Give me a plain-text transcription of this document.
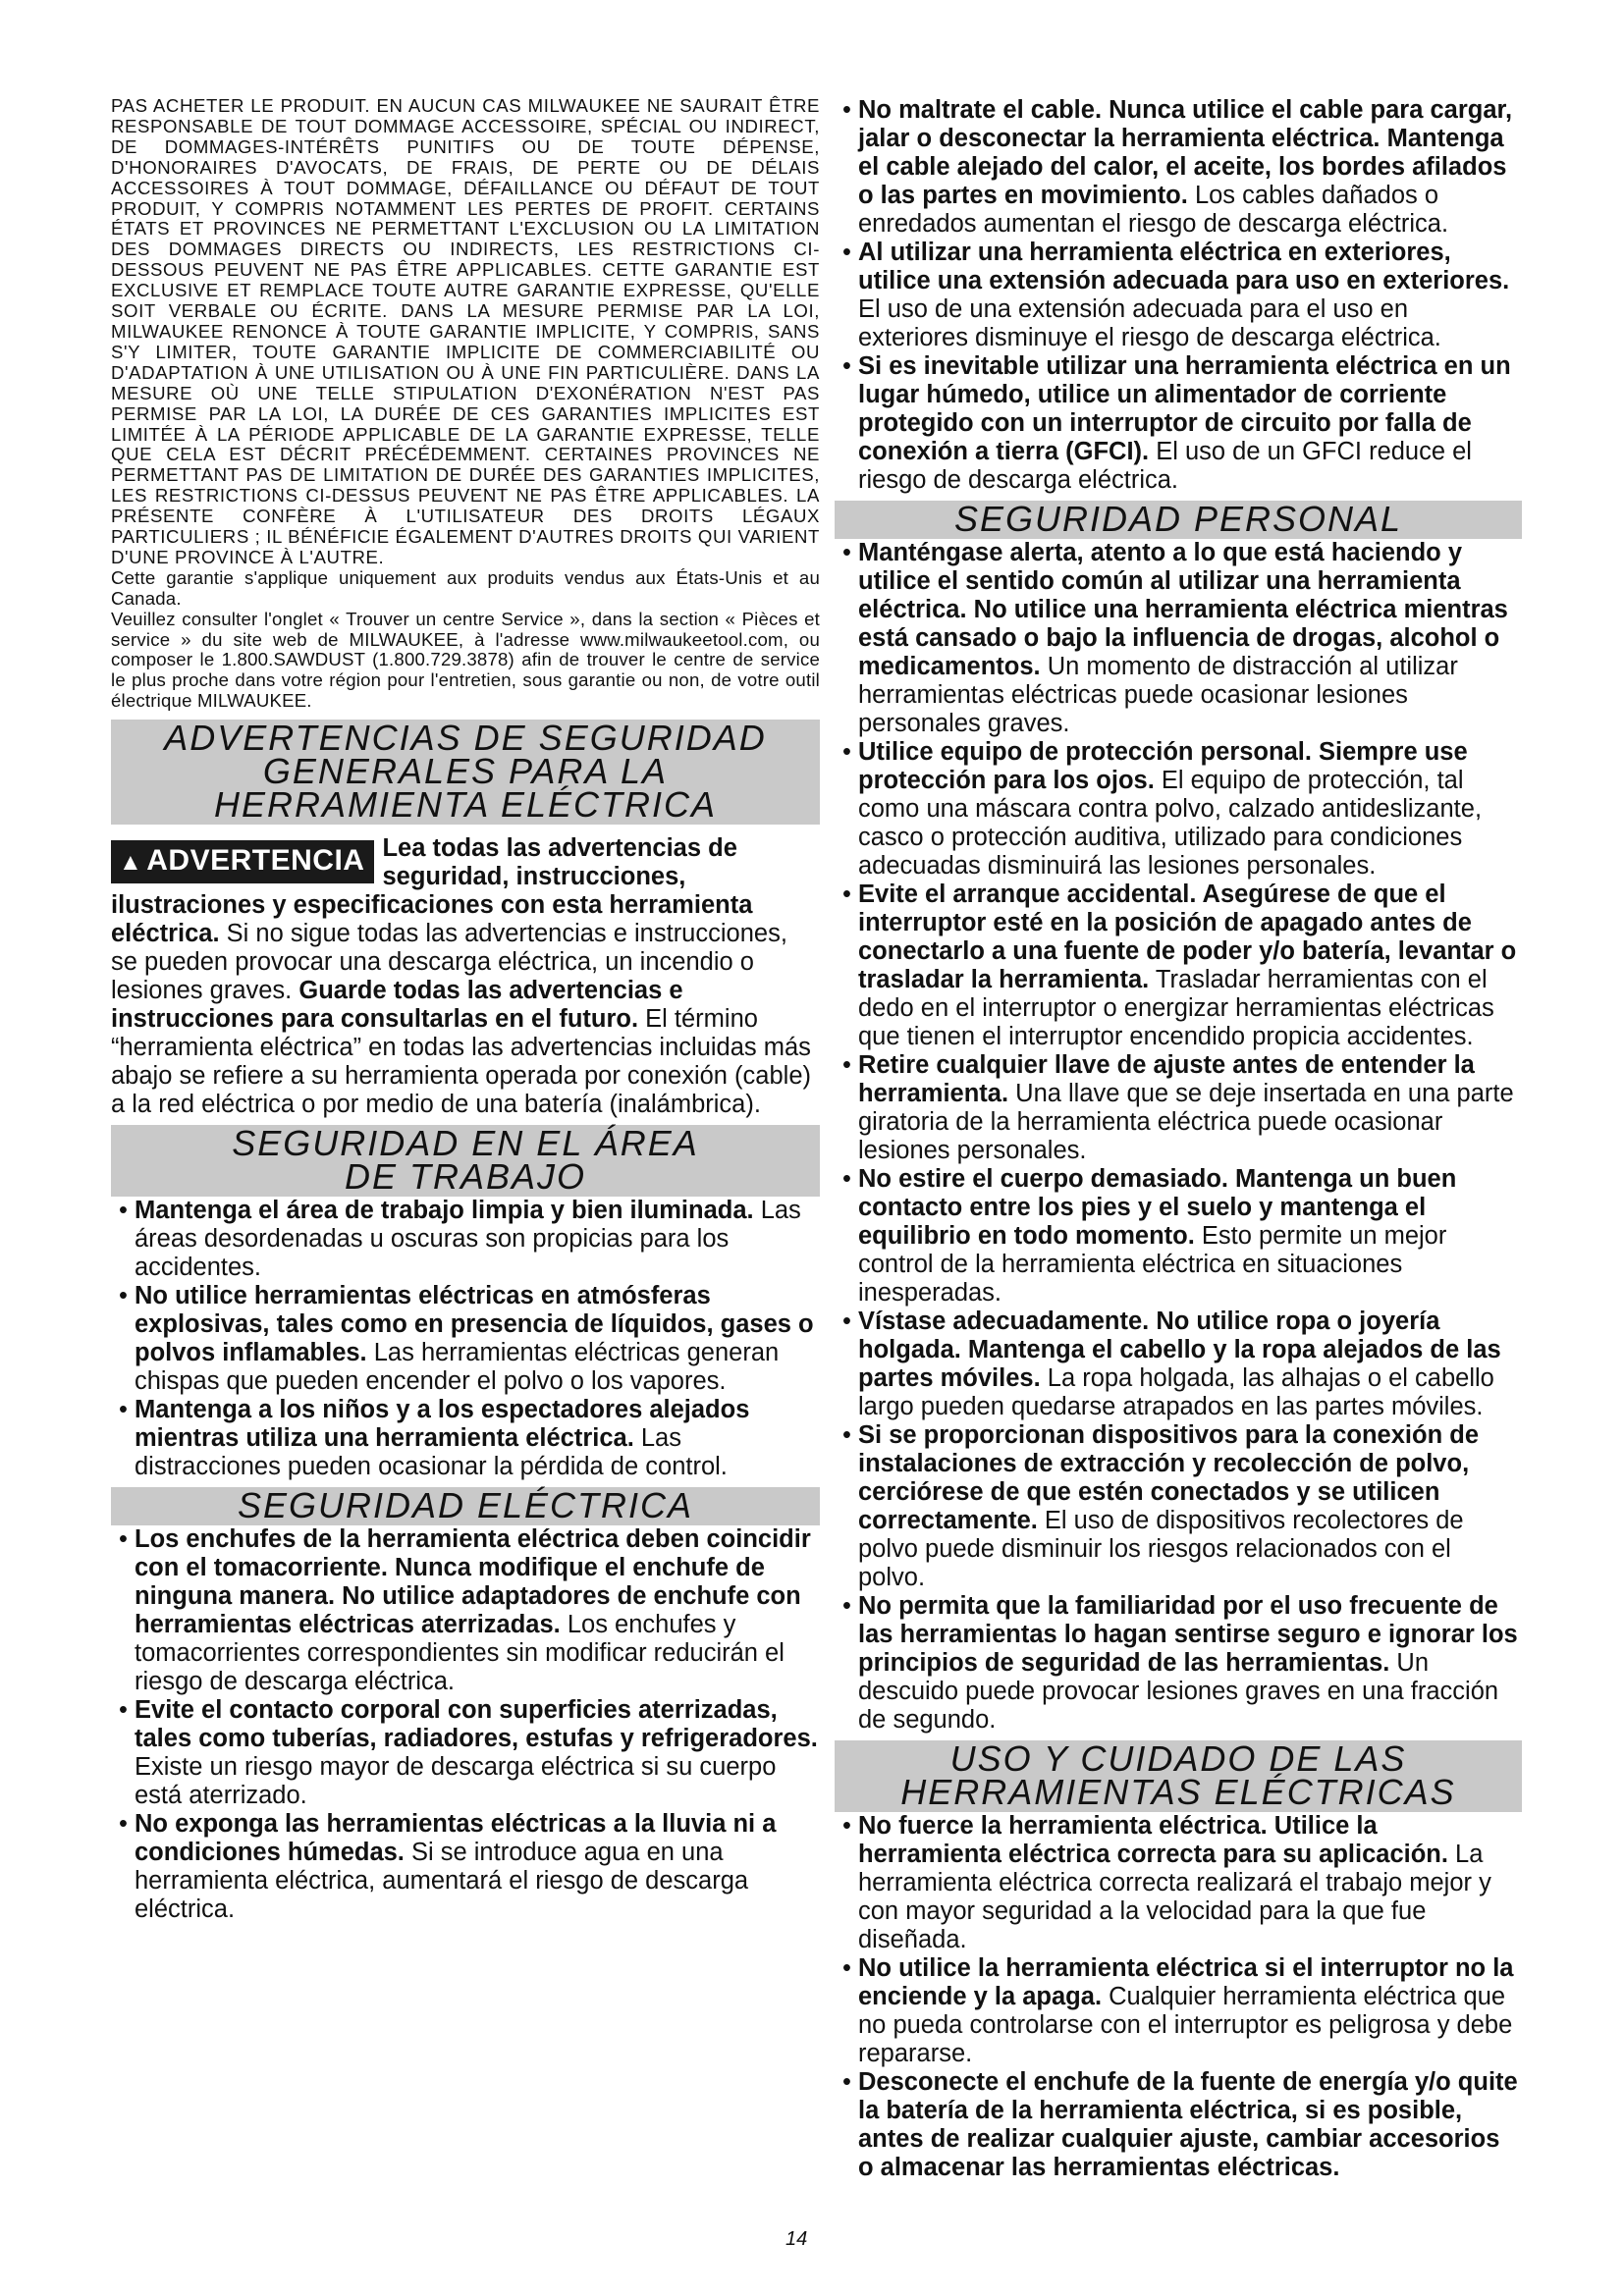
PAS ACHETER LE PRODUIT. EN AUCUN CAS MILWAUKEE NE SAURAIT ÊTRE RESPONSABLE DE TOUT DOMMAGE ACCESSOIRE, SPÉCIAL OU INDIRECT, DE DOMMAGES-INTÉRÊTS PUNITIFS OU DE TOUTE DÉPENSE, D'HONORAIRES D'AVOCATS, DE FRAIS, DE PERTE OU DE DÉLAIS ACCESSOIRES À TOUT DOMMAGE, DÉFAILLANCE OU DÉFAUT DE TOUT PRODUIT, Y COMPRIS NOTAMMENT LES PERTES DE PROFIT. CERTAINS ÉTATS ET PROVINCES NE PERMETTANT L'EXCLUSION OU LA LIMITATION DES DOMMAGES DIRECTS OU INDIRECTS, LES RESTRICTIONS CI-DESSOUS PEUVENT NE PAS ÊTRE APPLICABLES. CETTE GARANTIE EST EXCLUSIVE ET REMPLACE TOUTE AUTRE GARANTIE EXPRESSE, QU'ELLE SOIT VERBALE OU ÉCRITE. DANS LA MESURE PERMISE PAR LA LOI, MILWAUKEE RENONCE À TOUTE GARANTIE IMPLICITE, Y COMPRIS, SANS S'Y LIMITER, TOUTE GARANTIE IMPLICITE DE COMMERCIABILITÉ OU D'ADAPTATION À UNE UTILISATION OU À UNE FIN PARTICULIÈRE. DANS LA MESURE OÙ UNE TELLE STIPULATION D'EXONÉRATION N'EST PAS PERMISE PAR LA LOI, LA DURÉE DE CES GARANTIES IMPLICITES EST LIMITÉE À LA PÉRIODE APPLICABLE DE LA GARANTIE EXPRESSE, TELLE QUE CELA EST DÉCRIT PRÉCÉDEMMENT. CERTAINES PROVINCES NE PERMETTANT PAS DE LIMITATION DE DURÉE DES GARANTIES IMPLICITES, LES RESTRICTIONS CI-DESSUS PEUVENT NE PAS ÊTRE APPLICABLES. LA PRÉSENTE CONFÈRE À L'UTILISATEUR DES DROITS LÉGAUX PARTICULIERS ; IL BÉNÉFICIE ÉGALEMENT D'AUTRES DROITS QUI VARIENT D'UNE PROVINCE À L'AUTRE.
Cette garantie s'applique uniquement aux produits vendus aux États-Unis et au Canada.
Veuillez consulter l'onglet « Trouver un centre Service », dans la section « Pièces et service » du site web de MILWAUKEE, à l'adresse www.milwaukeetool.com, ou composer le 1.800.SAWDUST (1.800.729.3878) afin de trouver le centre de service le plus proche dans votre région pour l'entretien, sous garantie ou non, de votre outil électrique MILWAUKEE.
ADVERTENCIAS DE SEGURIDAD
GENERALES PARA LA
HERRAMIENTA ELÉCTRICA
▲ ADVERTENCIA Lea todas las advertencias de seguridad, instrucciones, ilustraciones y especificaciones con esta herramienta eléctrica. Si no sigue todas las advertencias e instrucciones, se pueden provocar una descarga eléctrica, un incendio o lesiones graves. Guarde todas las advertencias e instrucciones para consultarlas en el futuro. El término “herramienta eléctrica” en todas las advertencias incluidas más abajo se refiere a su herramienta operada por conexión (cable) a la red eléctrica o por medio de una batería (inalámbrica).
SEGURIDAD EN EL ÁREA
DE TRABAJO

• Mantenga el área de trabajo limpia y bien iluminada. Las áreas desordenadas u oscuras son propicias para los accidentes.

• No utilice herramientas eléctricas en atmósferas explosivas, tales como en presencia de líquidos, gases o polvos inflamables. Las herramientas eléctricas generan chispas que pueden encender el polvo o los vapores.

• Mantenga a los niños y a los espectadores alejados mientras utiliza una herramienta eléctrica. Las distracciones pueden ocasionar la pérdida de control.

SEGURIDAD ELÉCTRICA

• Los enchufes de la herramienta eléctrica deben coincidir con el tomacorriente. Nunca modifique el enchufe de ninguna manera. No utilice adaptadores de enchufe con herramientas eléctricas aterrizadas. Los enchufes y tomacorrientes correspondientes sin modificar reducirán el riesgo de descarga eléctrica.

• Evite el contacto corporal con superficies aterrizadas, tales como tuberías, radiadores, estufas y refrigeradores. Existe un riesgo mayor de descarga eléctrica si su cuerpo está aterrizado.

• No exponga las herramientas eléctricas a la lluvia ni a condiciones húmedas. Si se introduce agua en una herramienta eléctrica, aumentará el riesgo de descarga eléctrica.

• No maltrate el cable. Nunca utilice el cable para cargar, jalar o desconectar la herramienta eléctrica. Mantenga el cable alejado del calor, el aceite, los bordes afilados o las partes en movimiento. Los cables dañados o enredados aumentan el riesgo de descarga eléctrica.

• Al utilizar una herramienta eléctrica en exteriores, utilice una extensión adecuada para uso en exteriores. El uso de una extensión adecuada para el uso en exteriores disminuye el riesgo de descarga eléctrica.

• Si es inevitable utilizar una herramienta eléctrica en un lugar húmedo, utilice un alimentador de corriente protegido con un interruptor de circuito por falla de conexión a tierra (GFCI). El uso de un GFCI reduce el riesgo de descarga eléctrica.

SEGURIDAD PERSONAL

• Manténgase alerta, atento a lo que está haciendo y utilice el sentido común al utilizar una herramienta eléctrica. No utilice una herramienta eléctrica mientras está cansado o bajo la influencia de drogas, alcohol o medicamentos. Un momento de distracción al utilizar herramientas eléctricas puede ocasionar lesiones personales graves.

• Utilice equipo de protección personal. Siempre use protección para los ojos. El equipo de protección, tal como una máscara contra polvo, calzado antideslizante, casco o protección auditiva, utilizado para condiciones adecuadas disminuirá las lesiones personales.

• Evite el arranque accidental. Asegúrese de que el interruptor esté en la posición de apagado antes de conectarlo a una fuente de poder y/o batería, levantar o trasladar la herramienta. Trasladar herramientas con el dedo en el interruptor o energizar herramientas eléctricas que tienen el interruptor encendido propicia accidentes.

• Retire cualquier llave de ajuste antes de entender la herramienta. Una llave que se deje insertada en una parte giratoria de la herramienta eléctrica puede ocasionar lesiones personales.

• No estire el cuerpo demasiado. Mantenga un buen contacto entre los pies y el suelo y mantenga el equilibrio en todo momento. Esto permite un mejor control de la herramienta eléctrica en situaciones inesperadas.

• Vístase adecuadamente. No utilice ropa o joyería holgada. Mantenga el cabello y la ropa alejados de las partes móviles. La ropa holgada, las alhajas o el cabello largo pueden quedarse atrapados en las partes móviles.

• Si se proporcionan dispositivos para la conexión de instalaciones de extracción y recolección de polvo, cerciórese de que estén conectados y se utilicen correctamente. El uso de dispositivos recolectores de polvo puede disminuir los riesgos relacionados con el polvo.

• No permita que la familiaridad por el uso frecuente de las herramientas lo hagan sentirse seguro e ignorar los principios de seguridad de las herramientas. Un descuido puede provocar lesiones graves en una fracción de segundo.

USO Y CUIDADO DE LAS
HERRAMIENTAS ELÉCTRICAS

• No fuerce la herramienta eléctrica. Utilice la herramienta eléctrica correcta para su aplicación. La herramienta eléctrica correcta realizará el trabajo mejor y con mayor seguridad a la velocidad para la que fue diseñada.

• No utilice la herramienta eléctrica si el interruptor no la enciende y la apaga. Cualquier herramienta eléctrica que no pueda controlarse con el interruptor es peligrosa y debe repararse.

• Desconecte el enchufe de la fuente de energía y/o quite la batería de la herramienta eléctrica, si es posible, antes de realizar cualquier ajuste, cambiar accesorios o almacenar las herramientas eléctricas.

14
